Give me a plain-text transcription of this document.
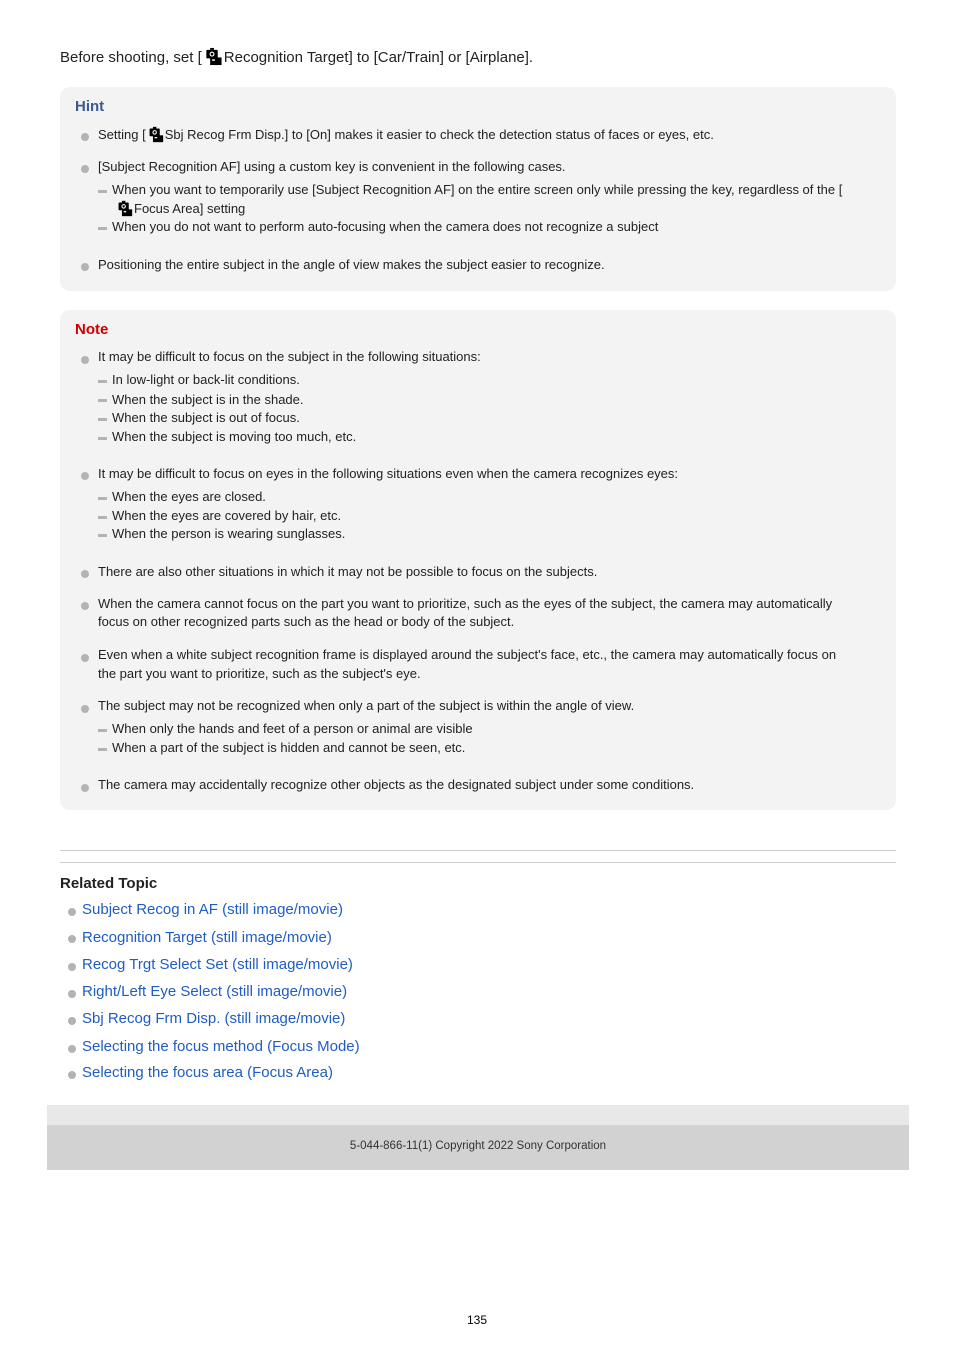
Before shooting, set [ Recognition Target] to [Car/Train] or [Airplane].
Hint
Setting [ Sbj Recog Frm Disp.] to [On] makes it easier to check the detection status of faces or eyes, etc.
[Subject Recognition AF] using a custom key is convenient in the following cases.
When you want to temporarily use [Subject Recognition AF] on the entire screen only while pressing the key, regardless of the [
Focus Area] setting
When you do not want to perform auto-focusing when the camera does not recognize a subject
Positioning the entire subject in the angle of view makes the subject easier to recognize.
Note
It may be difficult to focus on the subject in the following situations:
In low-light or back-lit conditions.
When the subject is in the shade.
When the subject is out of focus.
When the subject is moving too much, etc.
It may be difficult to focus on eyes in the following situations even when the camera recognizes eyes:
When the eyes are closed.
When the eyes are covered by hair, etc.
When the person is wearing sunglasses.
There are also other situations in which it may not be possible to focus on the subjects.
When the camera cannot focus on the part you want to prioritize, such as the eyes of the subject, the camera may automatically
focus on other recognized parts such as the head or body of the subject.
Even when a white subject recognition frame is displayed around the subject's face, etc., the camera may automatically focus on
the part you want to prioritize, such as the subject's eye.
The subject may not be recognized when only a part of the subject is within the angle of view.
When only the hands and feet of a person or animal are visible
When a part of the subject is hidden and cannot be seen, etc.
The camera may accidentally recognize other objects as the designated subject under some conditions.
Related Topic
Subject Recog in AF (still image/movie)
Recognition Target (still image/movie)
Recog Trgt Select Set (still image/movie)
Right/Left Eye Select (still image/movie)
Sbj Recog Frm Disp. (still image/movie)
Selecting the focus method (Focus Mode)
Selecting the focus area (Focus Area)
5-044-866-11(1) Copyright 2022 Sony Corporation
135
